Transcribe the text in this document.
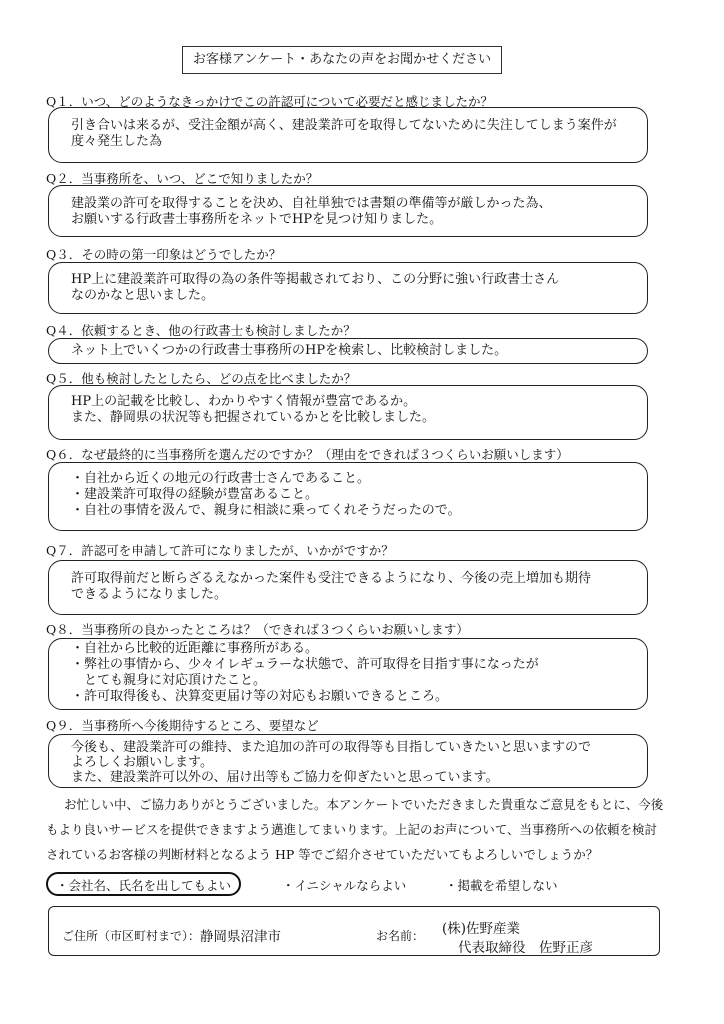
お客様アンケート・あなたの声をお聞かせください
Q１．いつ、どのようなきっかけでこの許認可について必要だと感じましたか？
引き合いは来るが、受注金額が高く、建設業許可を取得してないために失注してしまう案件が
度々発生した為
Q２．当事務所を、いつ、どこで知りましたか？
建設業の許可を取得することを決め、自社単独では書類の準備等が厳しかった為、
お願いする行政書士事務所をネットでHPを見つけ知りました。
Q３．その時の第一印象はどうでしたか？
HP上に建設業許可取得の為の条件等掲載されており、この分野に強い行政書士さん
なのかなと思いました。
Q４．依頼するとき、他の行政書士も検討しましたか？
ネット上でいくつかの行政書士事務所のHPを検索し、比較検討しました。
Q５．他も検討したとしたら、どの点を比べましたか？
HP上の記載を比較し、わかりやすく情報が豊富であるか。
また、静岡県の状況等も把握されているかとを比較しました。
Q６．なぜ最終的に当事務所を選んだのですか？（理由をできれば３つくらいお願いします）
・自社から近くの地元の行政書士さんであること。
・建設業許可取得の経験が豊富あること。
・自社の事情を汲んで、親身に相談に乗ってくれそうだったので。
Q７．許認可を申請して許可になりましたが、いかがですか？
許可取得前だと断らざるえなかった案件も受注できるようになり、今後の売上増加も期待
できるようになりました。
Q８．当事務所の良かったところは？（できれば３つくらいお願いします）
・自社から比較的近距離に事務所がある。
・弊社の事情から、少々イレギュラーな状態で、許可取得を目指す事になったが
　とても親身に対応頂けたこと。
・許可取得後も、決算変更届け等の対応もお願いできるところ。
Q９．当事務所へ今後期待するところ、要望など
今後も、建設業許可の維持、また追加の許可の取得等も目指していきたいと思いますので
よろしくお願いします。
また、建設業許可以外の、届け出等もご協力を仰ぎたいと思っています。
お忙しい中、ご協力ありがとうございました。本アンケートでいただきました貴重なご意見をもとに、今後
もより良いサービスを提供できますよう邁進してまいります。上記のお声について、当事務所への依頼を検討
されているお客様の判断材料となるよう HP 等でご紹介させていただいてもよろしいでしょうか？
・会社名、氏名を出してもよい	・イニシャルならよい	・掲載を希望しない
ご住所（市区町村まで）： 静岡県沼津市	お名前： (株)佐野産業
代表取締役　佐野正彦
